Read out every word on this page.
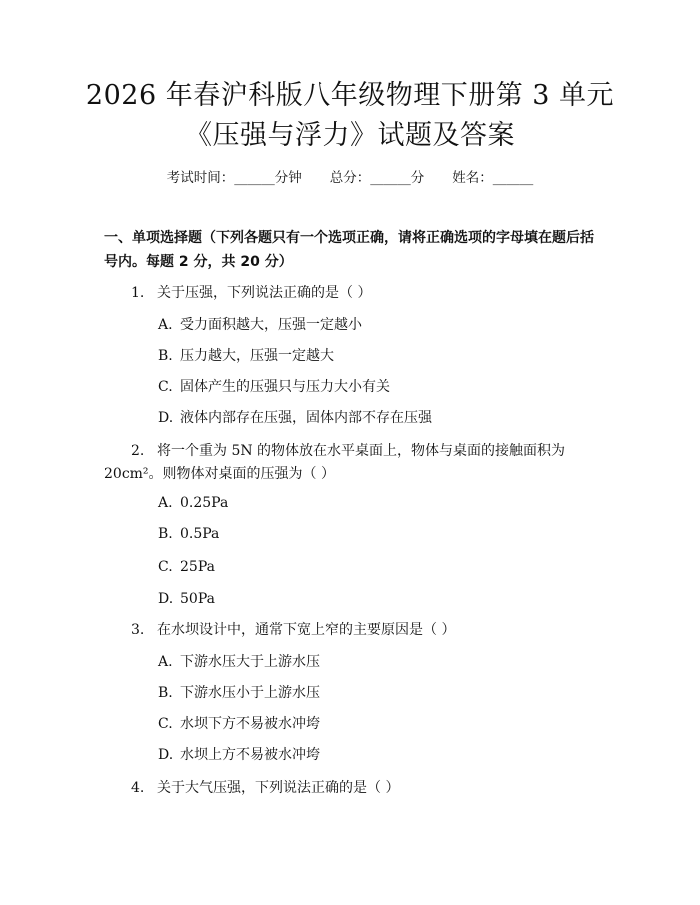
2026 年春沪科版八年级物理下册第 3 单元
《压强与浮力》试题及答案
考试时间：______分钟 总分：______分 姓名：______
一、单项选择题（下列各题只有一个选项正确，请将正确选项的字母填在题后括号内。每题 2 分，共 20 分）
1. 关于压强，下列说法正确的是（ ）
A. 受力面积越大，压强一定越小
B. 压力越大，压强一定越大
C. 固体产生的压强只与压力大小有关
D. 液体内部存在压强，固体内部不存在压强
2. 将一个重为 5N 的物体放在水平桌面上，物体与桌面的接触面积为
20cm²。则物体对桌面的压强为（ ）
A. 0.25Pa
B. 0.5Pa
C. 25Pa
D. 50Pa
3. 在水坝设计中，通常下宽上窄的主要原因是（ ）
A. 下游水压大于上游水压
B. 下游水压小于上游水压
C. 水坝下方不易被水冲垮
D. 水坝上方不易被水冲垮
4. 关于大气压强，下列说法正确的是（ ）
